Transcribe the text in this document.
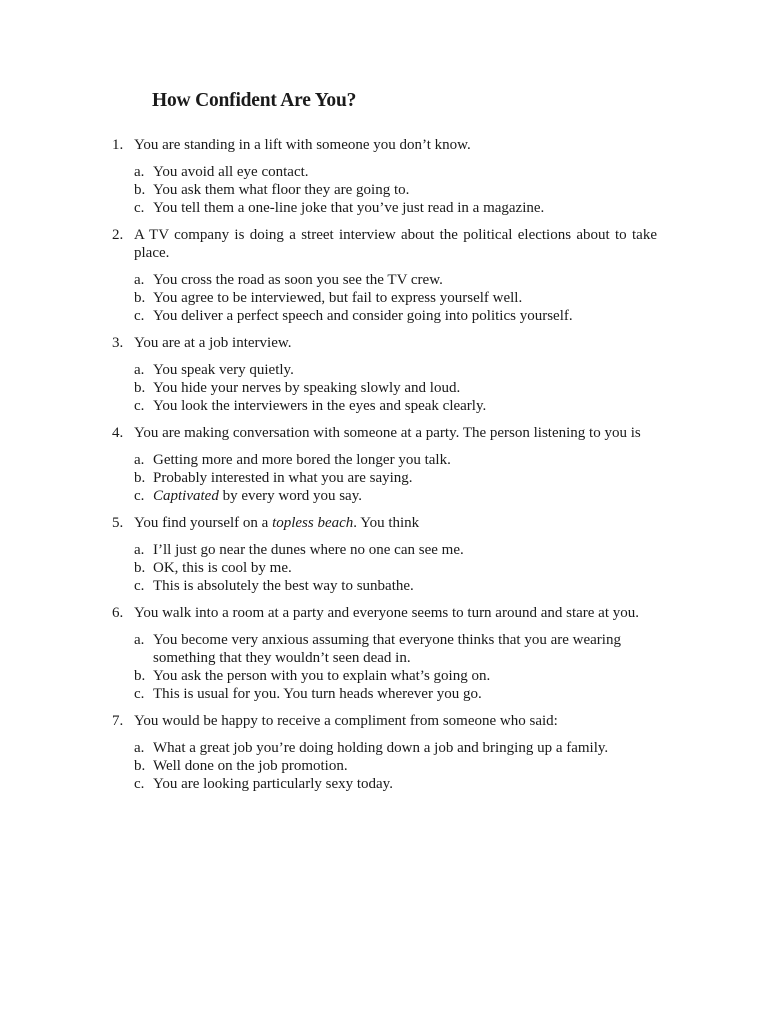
How Confident Are You?
1. You are standing in a lift with someone you don’t know.
a. You avoid all eye contact.
b. You ask them what floor they are going to.
c. You tell them a one-line joke that you’ve just read in a magazine.
2. A TV company is doing a street interview about the political elections about to take place.
a. You cross the road as soon you see the TV crew.
b. You agree to be interviewed, but fail to express yourself well.
c. You deliver a perfect speech and consider going into politics yourself.
3. You are at a job interview.
a. You speak very quietly.
b. You hide your nerves by speaking slowly and loud.
c. You look the interviewers in the eyes and speak clearly.
4. You are making conversation with someone at a party. The person listening to you is
a. Getting more and more bored the longer you talk.
b. Probably interested in what you are saying.
c. Captivated by every word you say.
5. You find yourself on a topless beach. You think
a. I’ll just go near the dunes where no one can see me.
b. OK, this is cool by me.
c. This is absolutely the best way to sunbathe.
6. You walk into a room at a party and everyone seems to turn around and stare at you.
a. You become very anxious assuming that everyone thinks that you are wearing something that they wouldn’t seen dead in.
b. You ask the person with you to explain what’s going on.
c. This is usual for you. You turn heads wherever you go.
7. You would be happy to receive a compliment from someone who said:
a. What a great job you’re doing holding down a job and bringing up a family.
b. Well done on the job promotion.
c. You are looking particularly sexy today.
